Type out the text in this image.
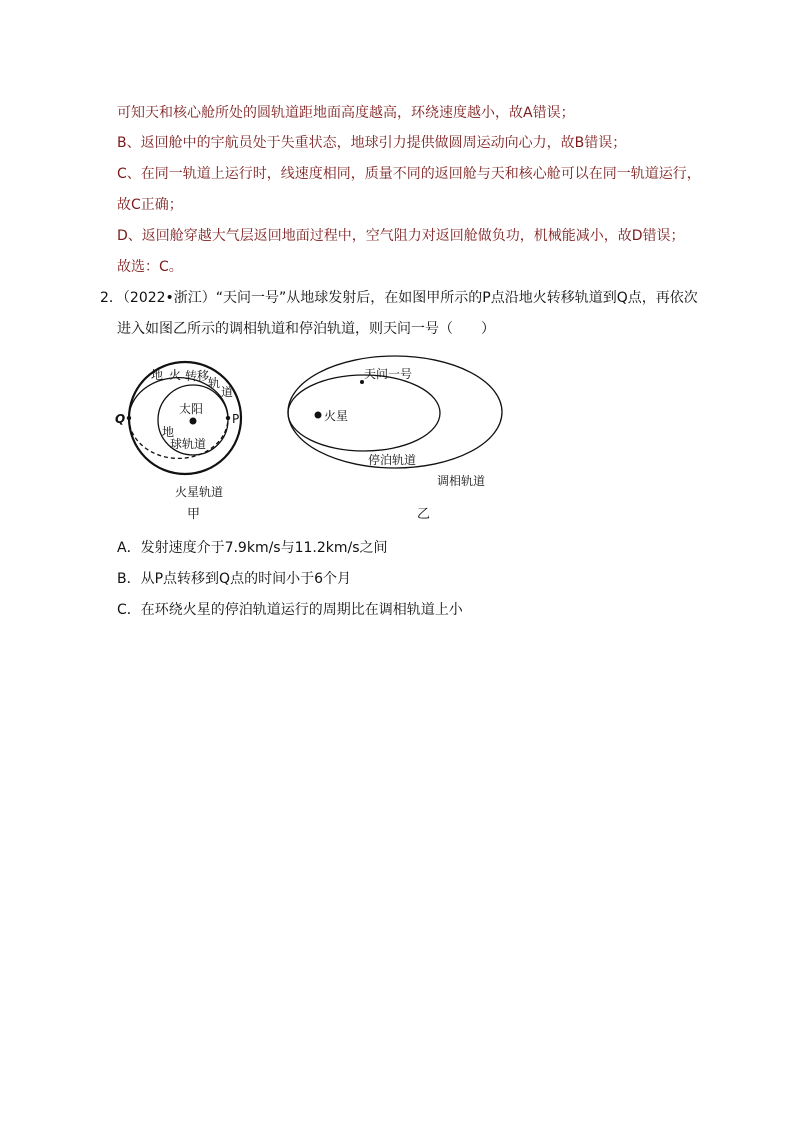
可知天和核心舱所处的圆轨道距地面高度越高，环绕速度越小，故A错误；
B、返回舱中的宇航员处于失重状态，地球引力提供做圆周运动向心力，故B错误；
C、在同一轨道上运行时，线速度相同，质量不同的返回舱与天和核心舱可以在同一轨道运行，
故C正确；
D、返回舱穿越大气层返回地面过程中，空气阻力对返回舱做负功，机械能减小，故D错误；
故选：C。
2．（2022•浙江）“天问一号”从地球发射后，在如图甲所示的P点沿地火转移轨道到Q点，再依次
进入如图乙所示的调相轨道和停泊轨道，则天问一号（　　）
地 火 转移
轨
道
太阳
地
球 轨道
Q	P
火星轨道
甲
天问一号
火星
停泊轨道
调相轨道
乙
A．发射速度介于7.9km/s与11.2km/s之间
B．从P点转移到Q点的时间小于6个月
C．在环绕火星的停泊轨道运行的周期比在调相轨道上小
